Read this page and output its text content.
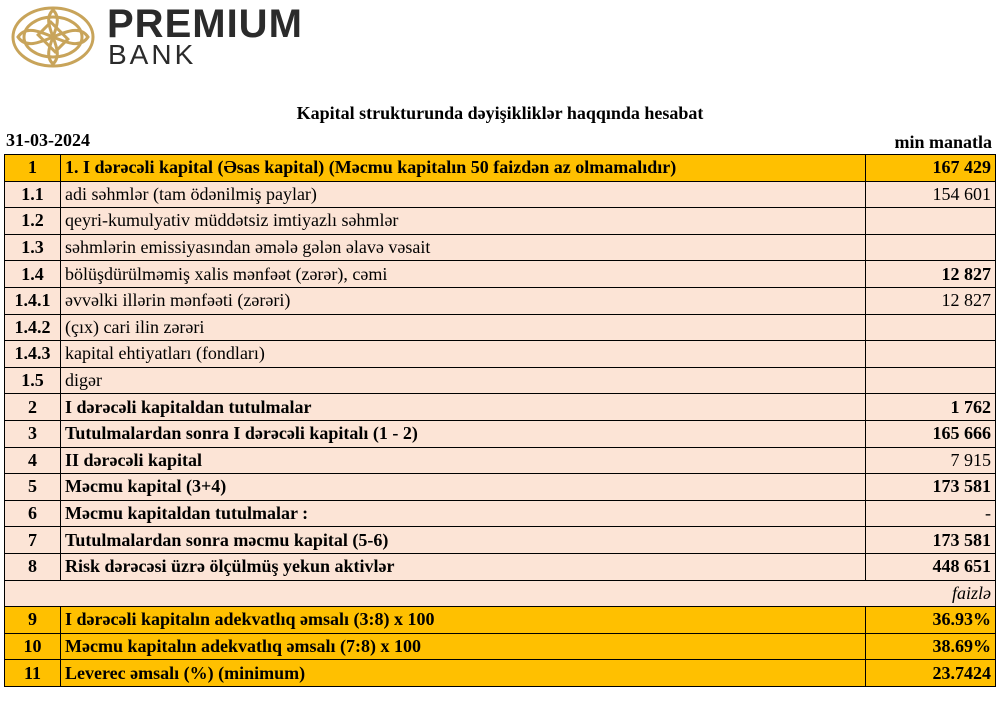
PREMIUM
BANK
Kapital strukturunda dəyişikliklər haqqında hesabat
31-03-2024	min manatla
1	1. I dərəcəli kapital (Əsas kapital) (Məcmu kapitalın 50 faizdən az olmamalıdır)	167 429
1.1	adi səhmlər (tam ödənilmiş paylar)	154 601
1.2	qeyri-kumulyativ müddətsiz imtiyazlı səhmlər	
1.3	səhmlərin emissiyasından əmələ gələn əlavə vəsait	
1.4	bölüşdürülməmiş xalis mənfəət (zərər), cəmi	12 827
1.4.1	əvvəlki illərin mənfəəti (zərəri)	12 827
1.4.2	(çıx) cari ilin zərəri	
1.4.3	kapital ehtiyatları (fondları)	
1.5	digər	
2	I dərəcəli kapitaldan tutulmalar	1 762
3	Tutulmalardan sonra I dərəcəli kapitalı (1 - 2)	165 666
4	II dərəcəli kapital	7 915
5	Məcmu kapital (3+4)	173 581
6	Məcmu kapitaldan tutulmalar :	-
7	Tutulmalardan sonra məcmu kapital (5-6)	173 581
8	Risk dərəcəsi üzrə ölçülmüş yekun aktivlər	448 651
faizlə		
9	I dərəcəli kapitalın adekvatlıq əmsalı (3:8) x 100	36.93%
10	Məcmu kapitalın adekvatlıq əmsalı (7:8) x 100	38.69%
11	Leverec əmsalı (%) (minimum)	23.7424
